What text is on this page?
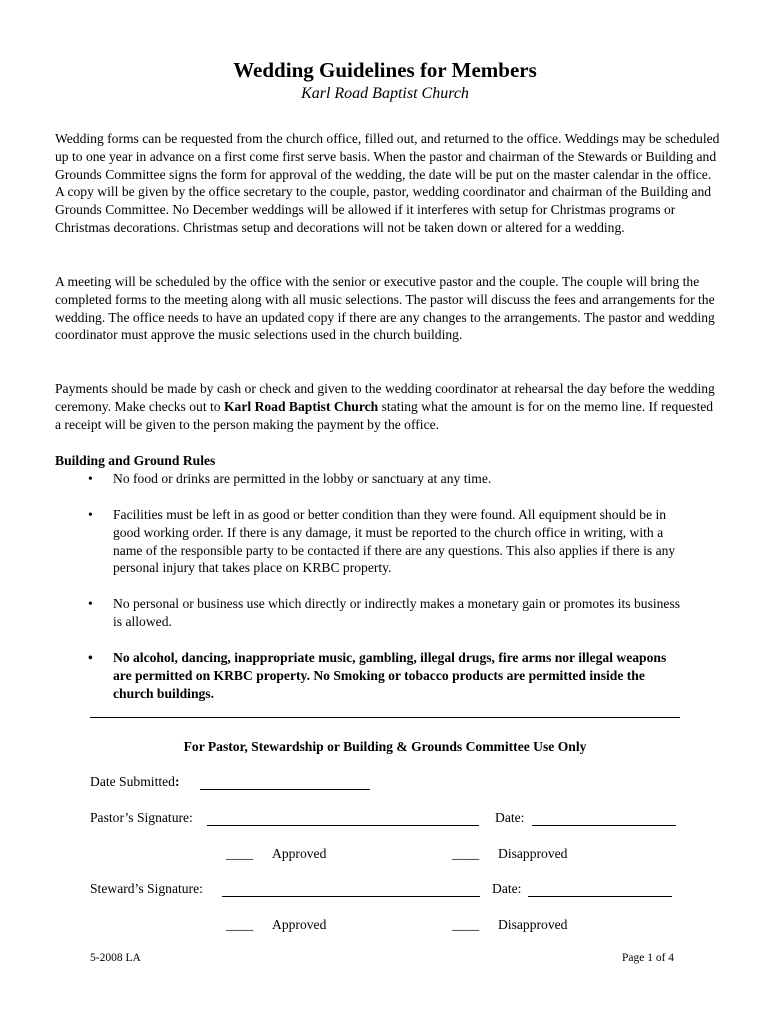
Wedding Guidelines for Members
Karl Road Baptist Church

Wedding forms can be requested from the church office, filled out, and returned to the office. Weddings may be scheduled up to one year in advance on a first come first serve basis. When the pastor and chairman of the Stewards or Building and Grounds Committee signs the form for approval of the wedding, the date will be put on the master calendar in the office. A copy will be given by the office secretary to the couple, pastor, wedding coordinator and chairman of the Building and Grounds Committee. No December weddings will be allowed if it interferes with setup for Christmas programs or Christmas decorations. Christmas setup and decorations will not be taken down or altered for a wedding.

A meeting will be scheduled by the office with the senior or executive pastor and the couple. The couple will bring the completed forms to the meeting along with all music selections. The pastor will discuss the fees and arrangements for the wedding. The office needs to have an updated copy if there are any changes to the arrangements. The pastor and wedding coordinator must approve the music selections used in the church building.

Payments should be made by cash or check and given to the wedding coordinator at rehearsal the day before the wedding ceremony. Make checks out to Karl Road Baptist Church stating what the amount is for on the memo line. If requested a receipt will be given to the person making the payment by the office.

Building and Ground Rules
• No food or drinks are permitted in the lobby or sanctuary at any time.
• Facilities must be left in as good or better condition than they were found. All equipment should be in good working order. If there is any damage, it must be reported to the church office in writing, with a name of the responsible party to be contacted if there are any questions. This also applies if there is any personal injury that takes place on KRBC property.
• No personal or business use which directly or indirectly makes a monetary gain or promotes its business is allowed.
• No alcohol, dancing, inappropriate music, gambling, illegal drugs, fire arms nor illegal weapons are permitted on KRBC property. No Smoking or tobacco products are permitted inside the church buildings.
For Pastor, Stewardship or Building & Grounds Committee Use Only
Date Submitted:
Pastor’s Signature:	Date:
____ Approved	____ Disapproved
Steward’s Signature:	Date:
____ Approved	____ Disapproved
5-2008 LA	Page 1 of 4
